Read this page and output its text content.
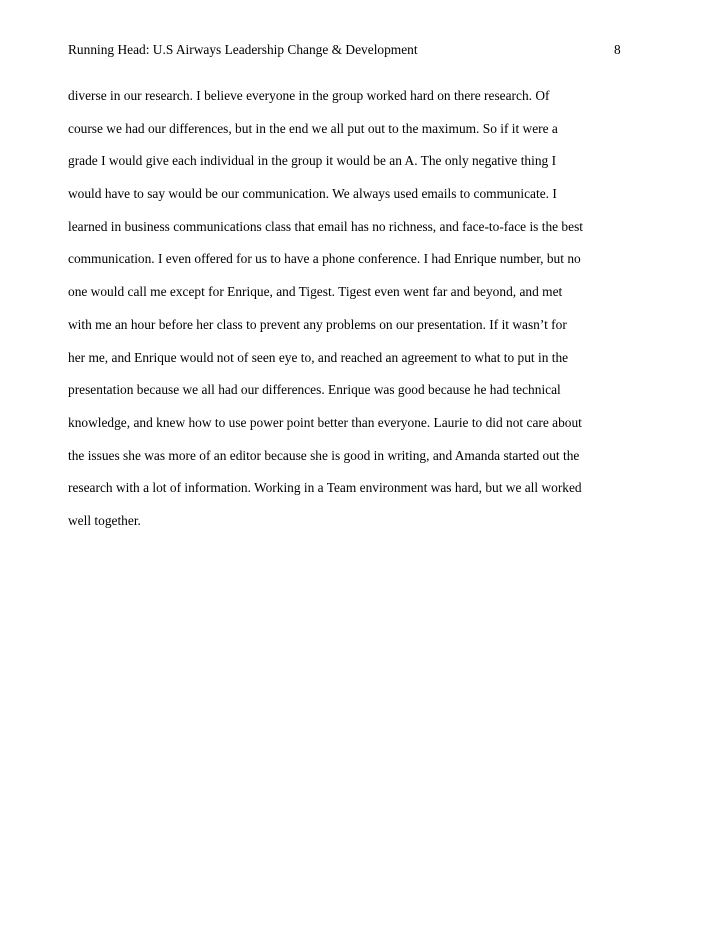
Running Head: U.S Airways Leadership Change & Development	8
diverse in our research. I believe everyone in the group worked hard on there research. Of
course we had our differences, but in the end we all put out to the maximum. So if it were a
grade I would give each individual in the group it would be an A. The only negative thing I
would have to say would be our communication. We always used emails to communicate. I
learned in business communications class that email has no richness, and face-to-face is the best
communication. I even offered for us to have a phone conference. I had Enrique number, but no
one would call me except for Enrique, and Tigest. Tigest even went far and beyond, and met
with me an hour before her class to prevent any problems on our presentation. If it wasn’t for
her me, and Enrique would not of seen eye to, and reached an agreement to what to put in the
presentation because we all had our differences. Enrique was good because he had technical
knowledge, and knew how to use power point better than everyone. Laurie to did not care about
the issues she was more of an editor because she is good in writing, and Amanda started out the
research with a lot of information. Working in a Team environment was hard, but we all worked
well together.
